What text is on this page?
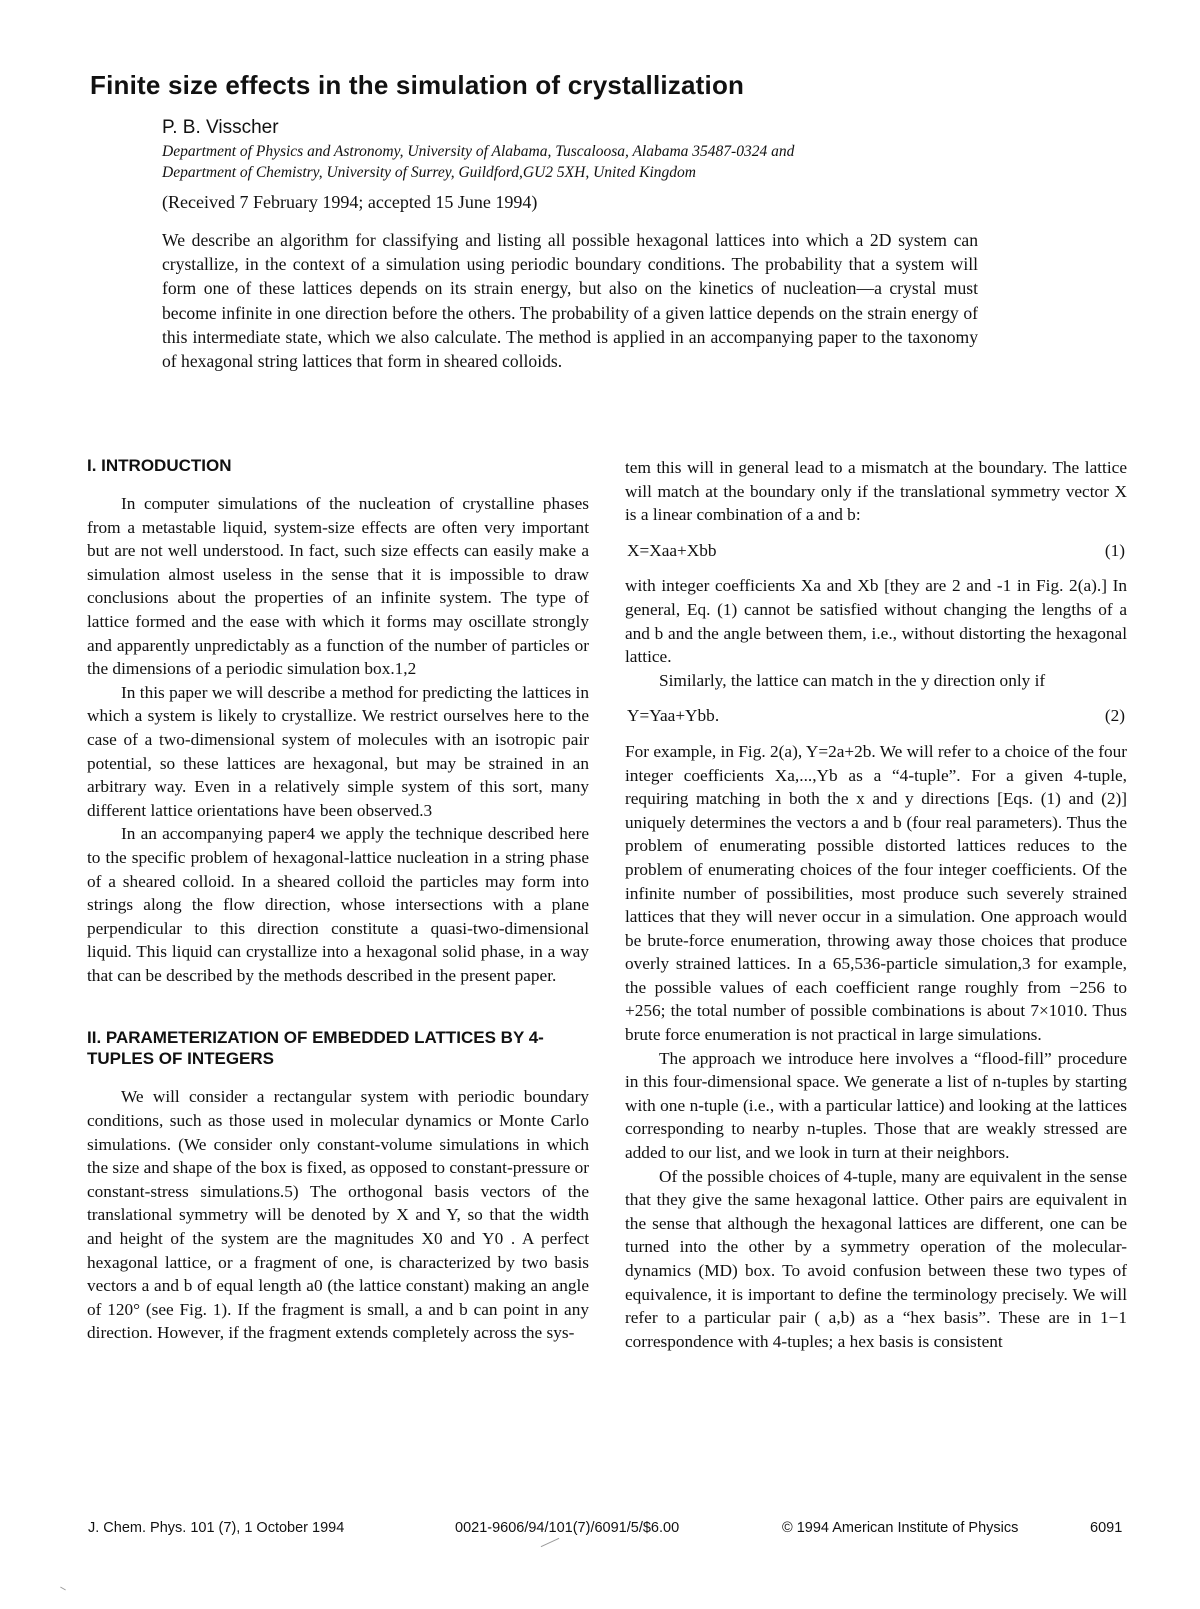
Finite size effects in the simulation of crystallization
P. B. Visscher
Department of Physics and Astronomy, University of Alabama, Tuscaloosa, Alabama 35487-0324 and
Department of Chemistry, University of Surrey, Guildford,GU2 5XH, United Kingdom
(Received 7 February 1994; accepted 15 June 1994)
We describe an algorithm for classifying and listing all possible hexagonal lattices into which a 2D system can crystallize, in the context of a simulation using periodic boundary conditions. The probability that a system will form one of these lattices depends on its strain energy, but also on the kinetics of nucleation—a crystal must become infinite in one direction before the others. The probability of a given lattice depends on the strain energy of this intermediate state, which we also calculate. The method is applied in an accompanying paper to the taxonomy of hexagonal string lattices that form in sheared colloids.
I. INTRODUCTION

In computer simulations of the nucleation of crystalline phases from a metastable liquid, system-size effects are often very important but are not well understood. In fact, such size effects can easily make a simulation almost useless in the sense that it is impossible to draw conclusions about the properties of an infinite system. The type of lattice formed and the ease with which it forms may oscillate strongly and apparently unpredictably as a function of the number of particles or the dimensions of a periodic simulation box.1,2

In this paper we will describe a method for predicting the lattices in which a system is likely to crystallize. We restrict ourselves here to the case of a two-dimensional system of molecules with an isotropic pair potential, so these lattices are hexagonal, but may be strained in an arbitrary way. Even in a relatively simple system of this sort, many different lattice orientations have been observed.3

In an accompanying paper4 we apply the technique described here to the specific problem of hexagonal-lattice nucleation in a string phase of a sheared colloid. In a sheared colloid the particles may form into strings along the flow direction, whose intersections with a plane perpendicular to this direction constitute a quasi-two-dimensional liquid. This liquid can crystallize into a hexagonal solid phase, in a way that can be described by the methods described in the present paper.

II. PARAMETERIZATION OF EMBEDDED LATTICES BY 4-TUPLES OF INTEGERS

We will consider a rectangular system with periodic boundary conditions, such as those used in molecular dynamics or Monte Carlo simulations. (We consider only constant-volume simulations in which the size and shape of the box is fixed, as opposed to constant-pressure or constant-stress simulations.5) The orthogonal basis vectors of the translational symmetry will be denoted by X and Y, so that the width and height of the system are the magnitudes X0 and Y0 . A perfect hexagonal lattice, or a fragment of one, is characterized by two basis vectors a and b of equal length a0 (the lattice constant) making an angle of 120° (see Fig. 1). If the fragment is small, a and b can point in any direction. However, if the fragment extends completely across the sys-

tem this will in general lead to a mismatch at the boundary. The lattice will match at the boundary only if the translational symmetry vector X is a linear combination of a and b:

X=Xaa+Xbb	(1)

with integer coefficients Xa and Xb [they are 2 and -1 in Fig. 2(a).] In general, Eq. (1) cannot be satisfied without changing the lengths of a and b and the angle between them, i.e., without distorting the hexagonal lattice.

Similarly, the lattice can match in the y direction only if

Y=Yaa+Ybb.	(2)

For example, in Fig. 2(a), Y=2a+2b. We will refer to a choice of the four integer coefficients Xa,...,Yb as a “4-tuple”. For a given 4-tuple, requiring matching in both the x and y directions [Eqs. (1) and (2)] uniquely determines the vectors a and b (four real parameters). Thus the problem of enumerating possible distorted lattices reduces to the problem of enumerating choices of the four integer coefficients. Of the infinite number of possibilities, most produce such severely strained lattices that they will never occur in a simulation. One approach would be brute-force enumeration, throwing away those choices that produce overly strained lattices. In a 65,536-particle simulation,3 for example, the possible values of each coefficient range roughly from −256 to +256; the total number of possible combinations is about 7×1010. Thus brute force enumeration is not practical in large simulations.

The approach we introduce here involves a “flood-fill” procedure in this four-dimensional space. We generate a list of n-tuples by starting with one n-tuple (i.e., with a particular lattice) and looking at the lattices corresponding to nearby n-tuples. Those that are weakly stressed are added to our list, and we look in turn at their neighbors.

Of the possible choices of 4-tuple, many are equivalent in the sense that they give the same hexagonal lattice. Other pairs are equivalent in the sense that although the hexagonal lattices are different, one can be turned into the other by a symmetry operation of the molecular-dynamics (MD) box. To avoid confusion between these two types of equivalence, it is important to define the terminology precisely. We will refer to a particular pair ( a,b) as a “hex basis”. These are in 1−1 correspondence with 4-tuples; a hex basis is consistent

J. Chem. Phys. 101 (7), 1 October 1994	0021-9606/94/101(7)/6091/5/$6.00	© 1994 American Institute of Physics	6091
